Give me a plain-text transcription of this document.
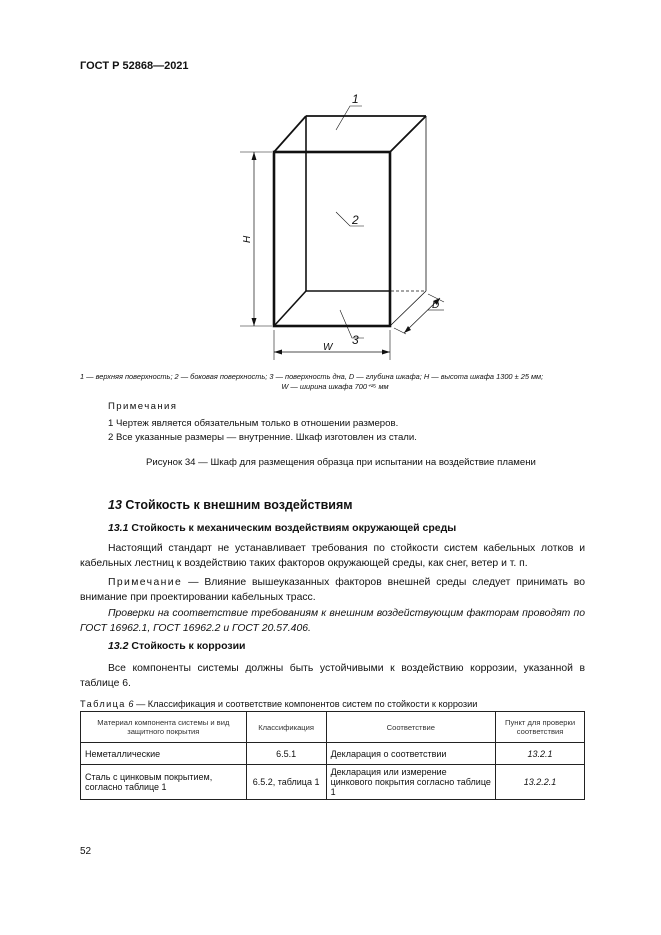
ГОСТ Р 52868—2021
1
2
3
W
D
H
1 — верхняя поверхность; 2 — боковая поверхность; 3 — поверхность дна, D — глубина шкафа; H — высота шкафа 1300 ± 25 мм;
W — ширина шкафа 700⁺²⁵ мм
Примечания
1 Чертеж является обязательным только в отношении размеров.
2 Все указанные размеры — внутренние. Шкаф изготовлен из стали.
Рисунок 34 — Шкаф для размещения образца при испытании на воздействие пламени
13 Стойкость к внешним воздействиям
13.1 Стойкость к механическим воздействиям окружающей среды
Настоящий стандарт не устанавливает требования по стойкости систем кабельных лотков и кабельных лестниц к воздействию таких факторов окружающей среды, как снег, ветер и т. п.
Примечание — Влияние вышеуказанных факторов внешней среды следует принимать во внимание при проектировании кабельных трасс.
Проверки на соответствие требованиям к внешним воздействующим факторам проводят по ГОСТ 16962.1, ГОСТ 16962.2 и ГОСТ 20.57.406.
13.2 Стойкость к коррозии
Все компоненты системы должны быть устойчивыми к воздействию коррозии, указанной в таблице 6.
Таблица 6 — Классификация и соответствие компонентов систем по стойкости к коррозии
Материал компонента системы и вид защитного покрытия	Классификация	Соответствие	Пункт для проверки соответствия
Неметаллические	6.5.1	Декларация о соответствии	13.2.1
Сталь с цинковым покрытием, согласно таблице 1	6.5.2, таблица 1	Декларация или измерение цинкового покрытия согласно таблице 1	13.2.2.1
52
